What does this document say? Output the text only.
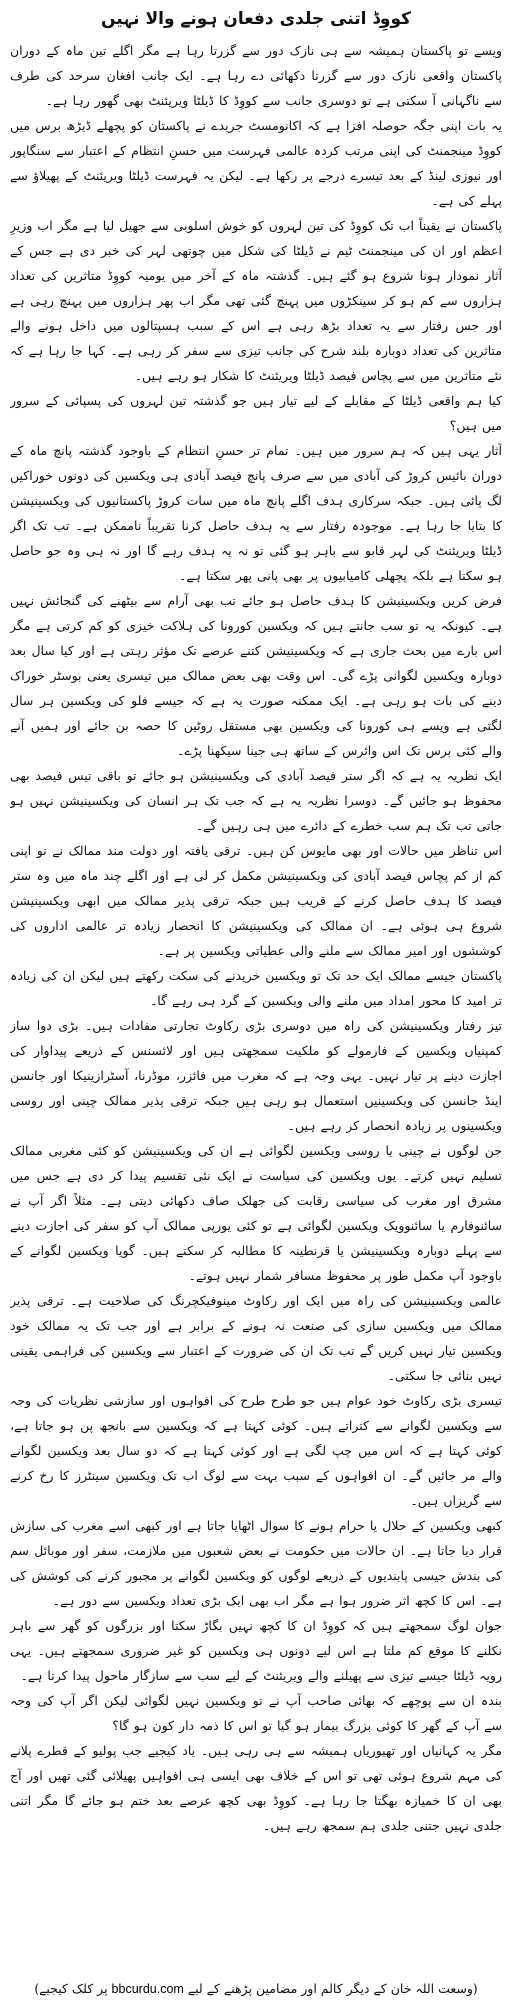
کووِڈ اتنی جلدی دفعان ہونے والا نہیں

ویسے تو پاکستان ہمیشہ سے ہی نازک دور سے گزرتا رہا ہے مگر اگلے تین ماہ کے دوران پاکستان واقعی نازک دور سے گزرتا دکھائی دے رہا ہے۔ ایک جانب افغان سرحد کی طرف سے ناگہانی آ سکتی ہے تو دوسری جانب سے کووِڈ کا ڈیلٹا ویریئنٹ بھی گھور رہا ہے۔

یہ بات اپنی جگہ حوصلہ افزا ہے کہ اکانومسٹ جریدے نے پاکستان کو پچھلے ڈیڑھ برس میں کووِڈ مینجمنٹ کی اپنی مرتب کردہ عالمی فہرست میں حسنِ انتظام کے اعتبار سے سنگاپور اور نیوزی لینڈ کے بعد تیسرے درجے پر رکھا ہے۔ لیکن یہ فہرست ڈیلٹا ویریئنٹ کے پھیلاؤ سے پہلے کی ہے۔

پاکستان نے یقیناً اب تک کووِڈ کی تین لہروں کو خوش اسلوبی سے جھیل لیا ہے مگر اب وزیرِ اعظم اور ان کی مینجمنٹ ٹیم نے ڈیلٹا کی شکل میں چوتھی لہر کی خبر دی ہے جس کے آثار نمودار ہونا شروع ہو گئے ہیں۔ گذشتہ ماہ کے آخر میں یومیہ کووِڈ متاثرین کی تعداد ہزاروں سے کم ہو کر سینکڑوں میں پہنچ گئی تھی مگر اب پھر ہزاروں میں پہنچ رہی ہے اور جس رفتار سے یہ تعداد بڑھ رہی ہے اس کے سبب ہسپتالوں میں داخل ہونے والے متاثرین کی تعداد دوبارہ بلند شرح کی جانب تیزی سے سفر کر رہی ہے۔ کہا جا رہا ہے کہ نئے متاثرین میں سے پچاس فیصد ڈیلٹا ویریئنٹ کا شکار ہو رہے ہیں۔

کیا ہم واقعی ڈیلٹا کے مقابلے کے لیے تیار ہیں جو گذشتہ تین لہروں کی پسپائی کے سرور میں ہیں؟

آثار یہی ہیں کہ ہم سرور میں ہیں۔ تمام تر حسنِ انتظام کے باوجود گذشتہ پانچ ماہ کے دوران بائیس کروڑ کی آبادی میں سے صرف پانچ فیصد آبادی ہی ویکسین کی دونوں خوراکیں لگ پائی ہیں۔ جبکہ سرکاری ہدف اگلے پانچ ماہ میں سات کروڑ پاکستانیوں کی ویکسینیشن کا بتایا جا رہا ہے۔ موجودہ رفتار سے یہ ہدف حاصل کرنا تقریباً ناممکن ہے۔ تب تک اگر ڈیلٹا ویریئنٹ کی لہر قابو سے باہر ہو گئی تو نہ یہ ہدف رہے گا اور نہ ہی وہ جو حاصل ہو سکتا ہے بلکہ پچھلی کامیابیوں پر بھی پانی پھر سکتا ہے۔

فرض کریں ویکسینیشن کا ہدف حاصل ہو جائے تب بھی آرام سے بیٹھنے کی گنجائش نہیں ہے۔ کیونکہ یہ تو سب جانتے ہیں کہ ویکسین کورونا کی ہلاکت خیزی کو کم کرتی ہے مگر اس بارے میں بحث جاری ہے کہ ویکسینیشن کتنے عرصے تک مؤثر رہتی ہے اور کیا سال بعد دوبارہ ویکسین لگوانی پڑے گی۔ اس وقت بھی بعض ممالک میں تیسری یعنی بوسٹر خوراک دینے کی بات ہو رہی ہے۔ ایک ممکنہ صورت یہ ہے کہ جیسے فلو کی ویکسین ہر سال لگتی ہے ویسے ہی کورونا کی ویکسین بھی مستقل روٹین کا حصہ بن جائے اور ہمیں آنے والے کئی برس تک اس وائرس کے ساتھ ہی جینا سیکھنا پڑے۔

ایک نظریہ یہ ہے کہ اگر ستر فیصد آبادی کی ویکسینیشن ہو جائے تو باقی تیس فیصد بھی محفوظ ہو جائیں گے۔ دوسرا نظریہ یہ ہے کہ جب تک ہر انسان کی ویکسینیشن نہیں ہو جاتی تب تک ہم سب خطرے کے دائرے میں ہی رہیں گے۔

اس تناظر میں حالات اور بھی مایوس کن ہیں۔ ترقی یافتہ اور دولت مند ممالک نے تو اپنی کم از کم پچاس فیصد آبادی کی ویکسینیشن مکمل کر لی ہے اور اگلے چند ماہ میں وہ ستر فیصد کا ہدف حاصل کرنے کے قریب ہیں جبکہ ترقی پذیر ممالک میں ابھی ویکسینیشن شروع ہی ہوئی ہے۔ ان ممالک کی ویکسینیشن کا انحصار زیادہ تر عالمی اداروں کی کوششوں اور امیر ممالک سے ملنے والی عطیاتی ویکسین پر ہے۔

پاکستان جیسے ممالک ایک حد تک تو ویکسین خریدنے کی سکت رکھتے ہیں لیکن ان کی زیادہ تر امید کا محور امداد میں ملنے والی ویکسین کے گرد ہی رہے گا۔

تیز رفتار ویکسینیشن کی راہ میں دوسری بڑی رکاوٹ تجارتی مفادات ہیں۔ بڑی دوا ساز کمپنیاں ویکسین کے فارمولے کو ملکیت سمجھتی ہیں اور لائسنس کے ذریعے پیداوار کی اجازت دینے پر تیار نہیں۔ یہی وجہ ہے کہ مغرب میں فائزر، موڈرنا، آسٹرازینیکا اور جانسن اینڈ جانسن کی ویکسینیں استعمال ہو رہی ہیں جبکہ ترقی پذیر ممالک چینی اور روسی ویکسینوں پر زیادہ انحصار کر رہے ہیں۔

جن لوگوں نے چینی یا روسی ویکسین لگوائی ہے ان کی ویکسینیشن کو کئی مغربی ممالک تسلیم نہیں کرتے۔ یوں ویکسین کی سیاست نے ایک نئی تقسیم پیدا کر دی ہے جس میں مشرق اور مغرب کی سیاسی رقابت کی جھلک صاف دکھائی دیتی ہے۔ مثلاً اگر آپ نے سائنوفارم یا سائنوویک ویکسین لگوائی ہے تو کئی یورپی ممالک آپ کو سفر کی اجازت دینے سے پہلے دوبارہ ویکسینیشن یا قرنطینہ کا مطالبہ کر سکتے ہیں۔ گویا ویکسین لگوانے کے باوجود آپ مکمل طور پر محفوظ مسافر شمار نہیں ہوتے۔

عالمی ویکسینیشن کی راہ میں ایک اور رکاوٹ مینوفیکچرنگ کی صلاحیت ہے۔ ترقی پذیر ممالک میں ویکسین سازی کی صنعت نہ ہونے کے برابر ہے اور جب تک یہ ممالک خود ویکسین تیار نہیں کریں گے تب تک ان کی ضرورت کے اعتبار سے ویکسین کی فراہمی یقینی نہیں بنائی جا سکتی۔

تیسری بڑی رکاوٹ خود عوام ہیں جو طرح طرح کی افواہوں اور سازشی نظریات کی وجہ سے ویکسین لگوانے سے کتراتے ہیں۔ کوئی کہتا ہے کہ ویکسین سے بانجھ پن ہو جاتا ہے، کوئی کہتا ہے کہ اس میں چپ لگی ہے اور کوئی کہتا ہے کہ دو سال بعد ویکسین لگوانے والے مر جائیں گے۔ ان افواہوں کے سبب بہت سے لوگ اب تک ویکسین سینٹرز کا رخ کرنے سے گریزاں ہیں۔

کبھی ویکسین کے حلال یا حرام ہونے کا سوال اٹھایا جاتا ہے اور کبھی اسے مغرب کی سازش قرار دیا جاتا ہے۔ ان حالات میں حکومت نے بعض شعبوں میں ملازمت، سفر اور موبائل سم کی بندش جیسی پابندیوں کے ذریعے لوگوں کو ویکسین لگوانے پر مجبور کرنے کی کوشش کی ہے۔ اس کا کچھ اثر ضرور ہوا ہے مگر اب بھی ایک بڑی تعداد ویکسین سے دور ہے۔

جوان لوگ سمجھتے ہیں کہ کووِڈ ان کا کچھ نہیں بگاڑ سکتا اور بزرگوں کو گھر سے باہر نکلنے کا موقع کم ملتا ہے اس لیے دونوں ہی ویکسین کو غیر ضروری سمجھتے ہیں۔ یہی رویہ ڈیلٹا جیسے تیزی سے پھیلنے والے ویریئنٹ کے لیے سب سے سازگار ماحول پیدا کرتا ہے۔

بندہ ان سے پوچھے کہ بھائی صاحب آپ نے تو ویکسین نہیں لگوائی لیکن اگر آپ کی وجہ سے آپ کے گھر کا کوئی بزرگ بیمار ہو گیا تو اس کا ذمہ دار کون ہو گا؟

مگر یہ کہانیاں اور تھیوریاں ہمیشہ سے ہی رہی ہیں۔ یاد کیجیے جب پولیو کے قطرے پلانے کی مہم شروع ہوئی تھی تو اس کے خلاف بھی ایسی ہی افواہیں پھیلائی گئی تھیں اور آج بھی ان کا خمیازہ بھگتا جا رہا ہے۔ کووِڈ بھی کچھ عرصے بعد ختم ہو جائے گا مگر اتنی جلدی نہیں جتنی جلدی ہم سمجھ رہے ہیں۔

(وسعت اللہ خان کے دیگر کالم اور مضامین پڑھنے کے لیے bbcurdu.com پر کلک کیجیے)
